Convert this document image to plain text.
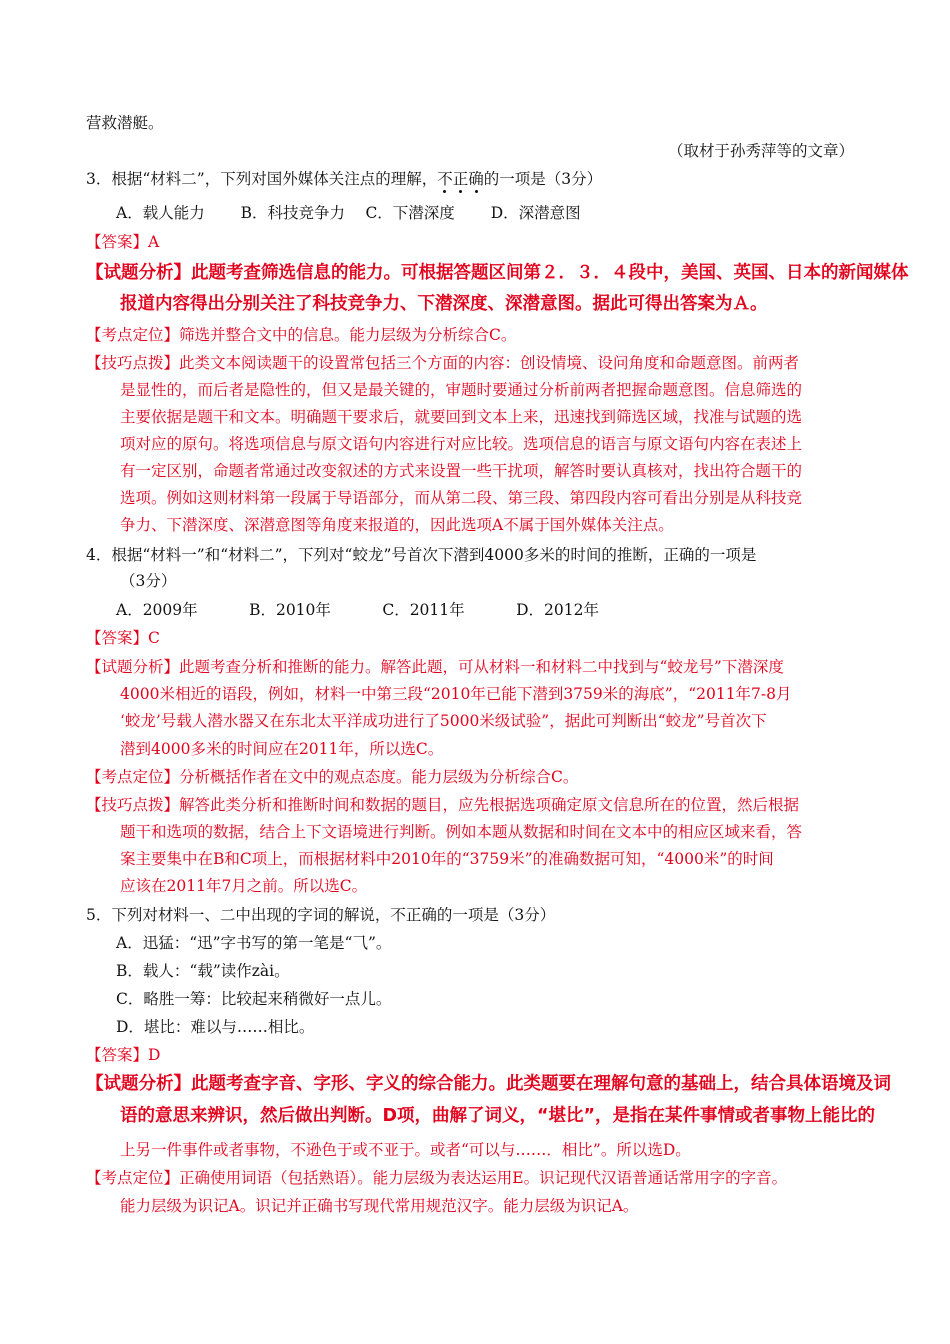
营救潜艇。
（取材于孙秀萍等的文章）
3．根据“材料二”，下列对国外媒体关注点的理解，不正确的一项是（3分）
A．载人能力 　　B．科技竞争力 　C．下潜深度 　　D．深潜意图
【答案】A
【试题分析】此题考查筛选信息的能力。可根据答题区间第２．３．４段中，美国、英国、日本的新闻媒体
报道内容得出分别关注了科技竞争力、下潜深度、深潜意图。据此可得出答案为Ａ。
【考点定位】筛选并整合文中的信息。能力层级为分析综合C。
【技巧点拨】此类文本阅读题干的设置常包括三个方面的内容：创设情境、设问角度和命题意图。前两者
是显性的，而后者是隐性的，但又是最关键的，审题时要通过分析前两者把握命题意图。信息筛选的
主要依据是题干和文本。明确题干要求后，就要回到文本上来，迅速找到筛选区域，找准与试题的选
项对应的原句。将选项信息与原文语句内容进行对应比较。选项信息的语言与原文语句内容在表述上
有一定区别，命题者常通过改变叙述的方式来设置一些干扰项，解答时要认真核对，找出符合题干的
选项。例如这则材料第一段属于导语部分，而从第二段、第三段、第四段内容可看出分别是从科技竞
争力、下潜深度、深潜意图等角度来报道的，因此选项A不属于国外媒体关注点。
4．根据“材料一”和“材料二”，下列对“蛟龙”号首次下潜到4000多米的时间的推断，正确的一项是
（3分）
A．2009年 　　　B．2010年 　　　C．2011年 　　　D．2012年
【答案】C
【试题分析】此题考查分析和推断的能力。解答此题，可从材料一和材料二中找到与“蛟龙号”下潜深度
4000米相近的语段，例如，材料一中第三段“2010年已能下潜到3759米的海底”，“2011年7-8月
‘蛟龙’号载人潜水器又在东北太平洋成功进行了5000米级试验”，据此可判断出“蛟龙”号首次下
潜到4000多米的时间应在2011年，所以选C。
【考点定位】分析概括作者在文中的观点态度。能力层级为分析综合C。
【技巧点拨】解答此类分析和推断时间和数据的题目，应先根据选项确定原文信息所在的位置，然后根据
题干和选项的数据，结合上下文语境进行判断。例如本题从数据和时间在文本中的相应区域来看，答
案主要集中在B和C项上，而根据材料中2010年的“3759米”的准确数据可知，“4000米”的时间
应该在2011年7月之前。所以选C。
5．下列对材料一、二中出现的字词的解说，不正确的一项是（3分）
A．迅猛：“迅”字书写的第一笔是“⺄”。
B．载人：“载”读作zài。
C．略胜一筹：比较起来稍微好一点儿。
D．堪比：难以与……相比。
【答案】D
【试题分析】此题考查字音、字形、字义的综合能力。此类题要在理解句意的基础上，结合具体语境及词
语的意思来辨识，然后做出判断。D项，曲解了词义，“堪比”，是指在某件事情或者事物上能比的
上另一件事件或者事物，不逊色于或不亚于。或者“可以与……．相比”。所以选D。
【考点定位】正确使用词语（包括熟语）。能力层级为表达运用E。识记现代汉语普通话常用字的字音。
能力层级为识记A。识记并正确书写现代常用规范汉字。能力层级为识记A。
